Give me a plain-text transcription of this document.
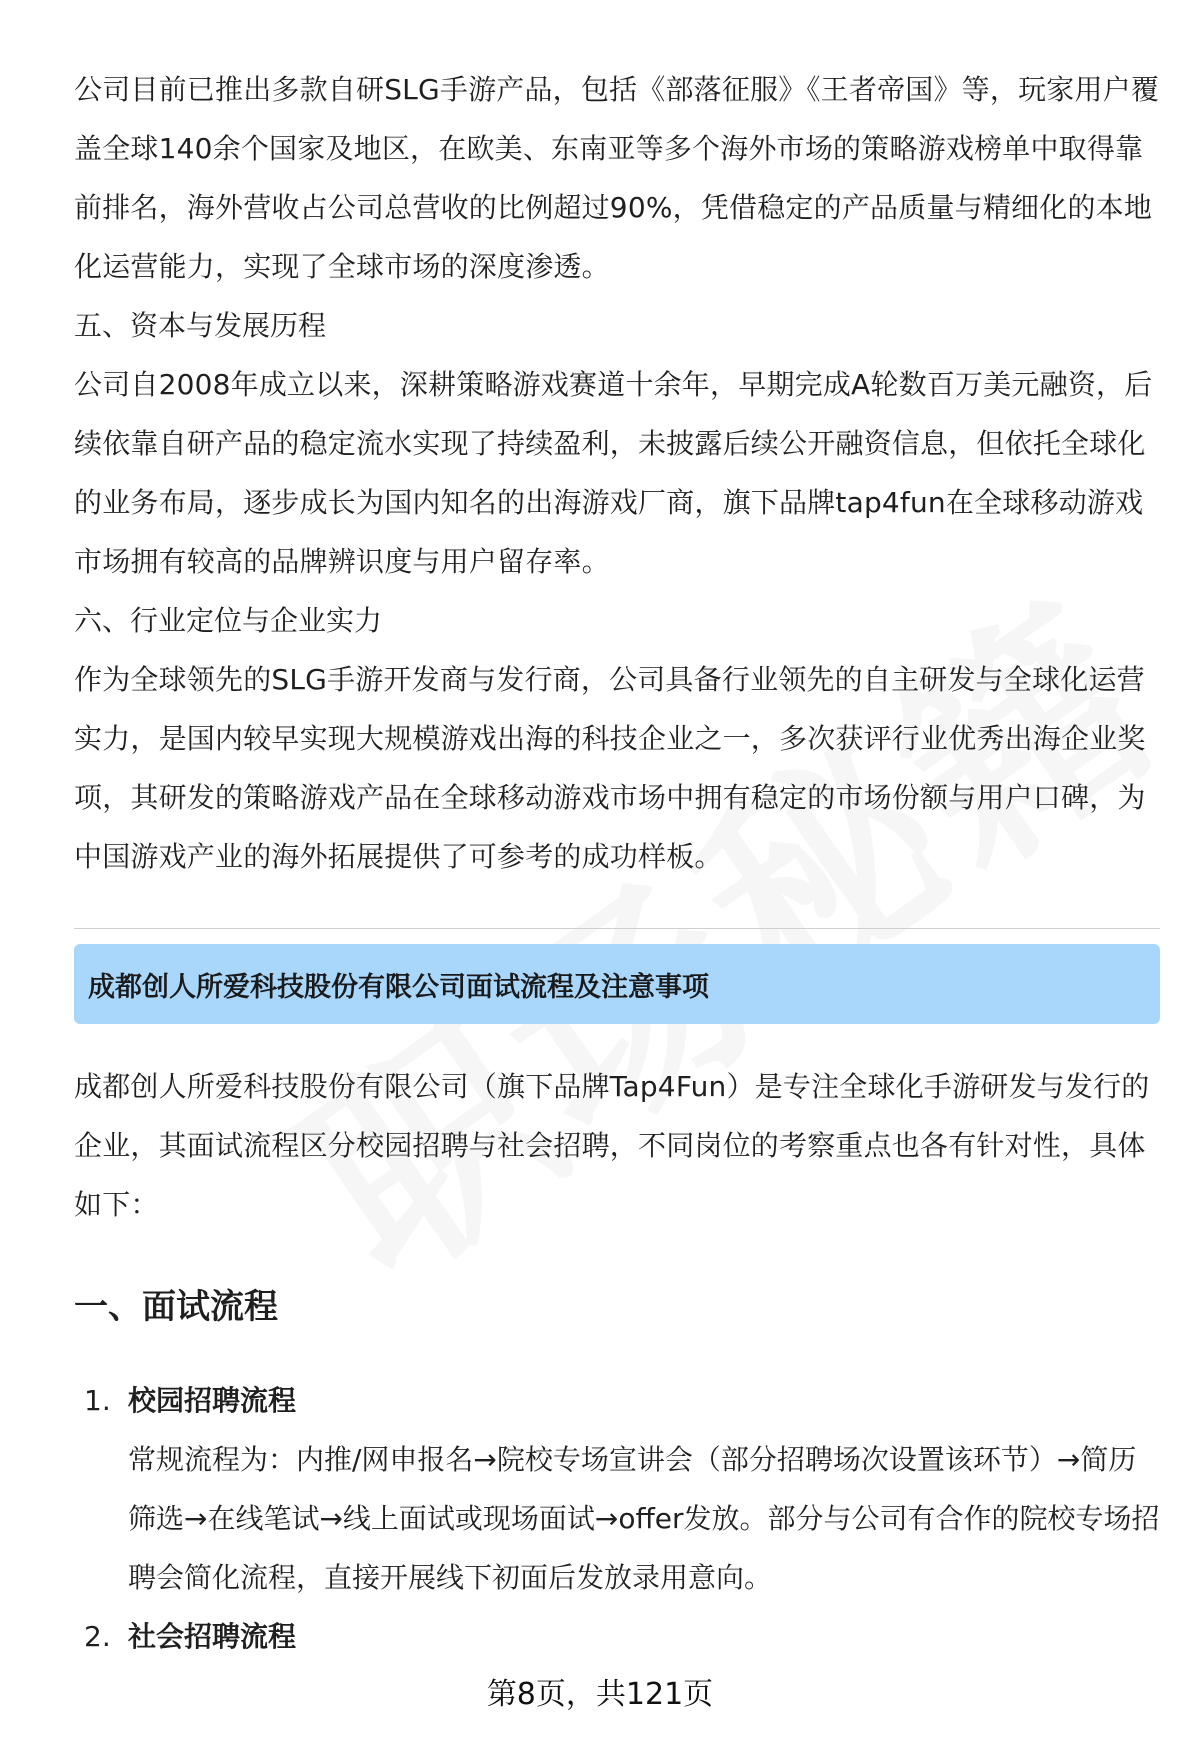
公司目前已推出多款自研SLG手游产品，包括《部落征服》《王者帝国》等，玩家用户覆盖全球140余个国家及地区，在欧美、东南亚等多个海外市场的策略游戏榜单中取得靠前排名，海外营收占公司总营收的比例超过90%，凭借稳定的产品质量与精细化的本地化运营能力，实现了全球市场的深度渗透。

五、资本与发展历程

公司自2008年成立以来，深耕策略游戏赛道十余年，早期完成A轮数百万美元融资，后续依靠自研产品的稳定流水实现了持续盈利，未披露后续公开融资信息，但依托全球化的业务布局，逐步成长为国内知名的出海游戏厂商，旗下品牌tap4fun在全球移动游戏市场拥有较高的品牌辨识度与用户留存率。

六、行业定位与企业实力

作为全球领先的SLG手游开发商与发行商，公司具备行业领先的自主研发与全球化运营实力，是国内较早实现大规模游戏出海的科技企业之一，多次获评行业优秀出海企业奖项，其研发的策略游戏产品在全球移动游戏市场中拥有稳定的市场份额与用户口碑，为中国游戏产业的海外拓展提供了可参考的成功样板。

成都创人所爱科技股份有限公司面试流程及注意事项

成都创人所爱科技股份有限公司（旗下品牌Tap4Fun）是专注全球化手游研发与发行的企业，其面试流程区分校园招聘与社会招聘，不同岗位的考察重点也各有针对性，具体如下：

一、面试流程
1. 校园招聘流程

常规流程为：内推/网申报名→院校专场宣讲会（部分招聘场次设置该环节）→简历筛选→在线笔试→线上面试或现场面试→offer发放。部分与公司有合作的院校专场招聘会简化流程，直接开展线下初面后发放录用意向。

2. 社会招聘流程
第8页，共121页
